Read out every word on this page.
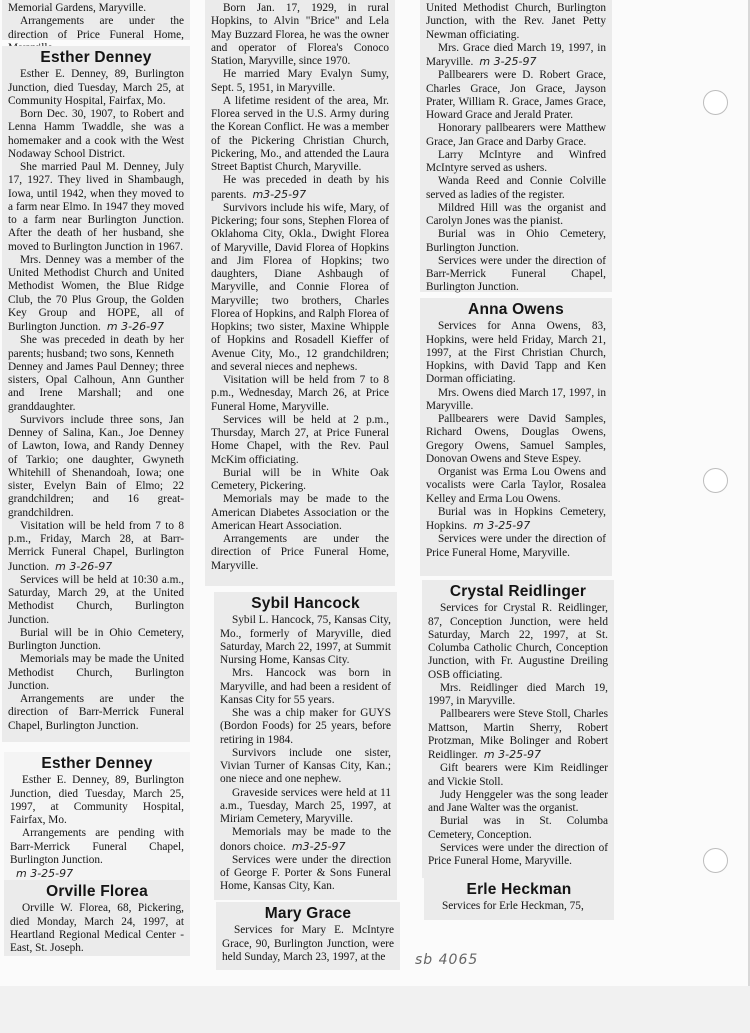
Memorial Gardens, Maryville.

Arrangements are under the direction of Price Funeral Home,

Esther Denney

Esther E. Denney, 89, Burlington Junction, died Tuesday, March 25, at Community Hospital, Fairfax, Mo.

Born Dec. 30, 1907, to Robert and Lenna Hamm Twaddle, she was a homemaker and a cook with the West Nodaway School District.

She married Paul M. Denney, July 17, 1927. They lived in Shambaugh, Iowa, until 1942, when they moved to a farm near Elmo. In 1947 they moved to a farm near Burlington Junction. After the death of her husband, she moved to Burlington Junction in 1967.

Mrs. Denney was a member of the United Methodist Church and United Methodist Women, the Blue Ridge Club, the 70 Plus Group, the Golden Key Group and HOPE, all of Burlington Junction. m 3-26-97

She was preceded in death by her parents; husband; two sons, Kenneth

Denney and James Paul Denney; three sisters, Opal Calhoun, Ann Gunther and Irene Marshall; and one granddaughter.

Survivors include three sons, Jan Denney of Salina, Kan., Joe Denney of Lawton, Iowa, and Randy Denney of Tarkio; one daughter, Gwyneth Whitehill of Shenandoah, Iowa; one sister, Evelyn Bain of Elmo; 22 grandchildren; and 16 great-grandchildren.

Visitation will be held from 7 to 8 p.m., Friday, March 28, at Barr-Merrick Funeral Chapel, Burlington Junction. m 3-26-97

Services will be held at 10:30 a.m., Saturday, March 29, at the United Methodist Church, Burlington Junction.

Burial will be in Ohio Cemetery, Burlington Junction.

Memorials may be made the United Methodist Church, Burlington Junction.

Arrangements are under the direction of Barr-Merrick Funeral Chapel, Burlington Junction.

Esther Denney

Esther E. Denney, 89, Burlington Junction, died Tuesday, March 25, 1997, at Community Hospital, Fairfax, Mo.

Arrangements are pending with Barr-Merrick Funeral Chapel, Burlington Junction.

m 3-25-97

Orville Florea

Orville W. Florea, 68, Pickering, died Monday, March 24, 1997, at Heartland Regional Medical Center - East, St. Joseph.

Born Jan. 17, 1929, in rural Hopkins, to Alvin "Brice" and Lela May Buzzard Florea, he was the owner and operator of Florea's Conoco Station, Maryville, since 1970.

He married Mary Evalyn Sumy, Sept. 5, 1951, in Maryville.

A lifetime resident of the area, Mr. Florea served in the U.S. Army during the Korean Conflict. He was a member of the Pickering Christian Church, Pickering, Mo., and attended the Laura Street Baptist Church, Maryville.

He was preceded in death by his parents. m3-25-97

Survivors include his wife, Mary, of Pickering; four sons, Stephen Florea of Oklahoma City, Okla., Dwight Florea of Maryville, David Florea of Hopkins and Jim Florea of Hopkins; two daughters, Diane Ashbaugh of Maryville, and Connie Florea of Maryville; two brothers, Charles Florea of Hopkins, and Ralph Florea of Hopkins; two sister, Maxine Whipple of Hopkins and Rosadell Kieffer of Avenue City, Mo., 12 grandchildren; and several nieces and nephews.

Visitation will be held from 7 to 8 p.m., Wednesday, March 26, at Price Funeral Home, Maryville.

Services will be held at 2 p.m., Thursday, March 27, at Price Funeral Home Chapel, with the Rev. Paul McKim officiating.

Burial will be in White Oak Cemetery, Pickering.

Memorials may be made to the American Diabetes Association or the American Heart Association.

Arrangements are under the direction of Price Funeral Home, Maryville.

Sybil Hancock

Sybil L. Hancock, 75, Kansas City, Mo., formerly of Maryville, died Saturday, March 22, 1997, at Summit Nursing Home, Kansas City.

Mrs. Hancock was born in Maryville, and had been a resident of Kansas City for 55 years.

She was a chip maker for GUYS (Bordon Foods) for 25 years, before retiring in 1984.

Survivors include one sister, Vivian Turner of Kansas City, Kan.; one niece and one nephew.

Graveside services were held at 11 a.m., Tuesday, March 25, 1997, at Miriam Cemetery, Maryville.

Memorials may be made to the donors choice. m3-25-97

Services were under the direction of George F. Porter & Sons Funeral Home, Kansas City, Kan.

Mary Grace

Services for Mary E. McIntyre Grace, 90, Burlington Junction, were held Sunday, March 23, 1997, at the

United Methodist Church, Burlington Junction, with the Rev. Janet Petty Newman officiating.

Mrs. Grace died March 19, 1997, in Maryville. m 3-25-97

Pallbearers were D. Robert Grace, Charles Grace, Jon Grace, Jayson Prater, William R. Grace, James Grace, Howard Grace and Jerald Prater.

Honorary pallbearers were Matthew Grace, Jan Grace and Darby Grace.

Larry McIntyre and Winfred McIntyre served as ushers.

Wanda Reed and Connie Colville served as ladies of the register.

Mildred Hill was the organist and Carolyn Jones was the pianist.

Burial was in Ohio Cemetery, Burlington Junction.

Services were under the direction of Barr-Merrick Funeral Chapel, Burlington Junction.

Anna Owens

Services for Anna Owens, 83, Hopkins, were held Friday, March 21, 1997, at the First Christian Church, Hopkins, with David Tapp and Ken Dorman officiating.

Mrs. Owens died March 17, 1997, in Maryville.

Pallbearers were David Samples, Richard Owens, Douglas Owens, Gregory Owens, Samuel Samples, Donovan Owens and Steve Espey.

Organist was Erma Lou Owens and vocalists were Carla Taylor, Rosalea Kelley and Erma Lou Owens.

Burial was in Hopkins Cemetery, Hopkins. m 3-25-97

Services were under the direction of Price Funeral Home, Maryville.

Crystal Reidlinger

Services for Crystal R. Reidlinger, 87, Conception Junction, were held Saturday, March 22, 1997, at St. Columba Catholic Church, Conception Junction, with Fr. Augustine Dreiling OSB officiating.

Mrs. Reidlinger died March 19, 1997, in Maryville.

Pallbearers were Steve Stoll, Charles Mattson, Martin Sherry, Robert Protzman, Mike Bolinger and Robert Reidlinger. m 3-25-97

Gift bearers were Kim Reidlinger and Vickie Stoll.

Judy Henggeler was the song leader and Jane Walter was the organist.

Burial was in St. Columba Cemetery, Conception.

Services were under the direction of Price Funeral Home, Maryville.

Erle Heckman

Services for Erle Heckman, 75,

sb 4065
